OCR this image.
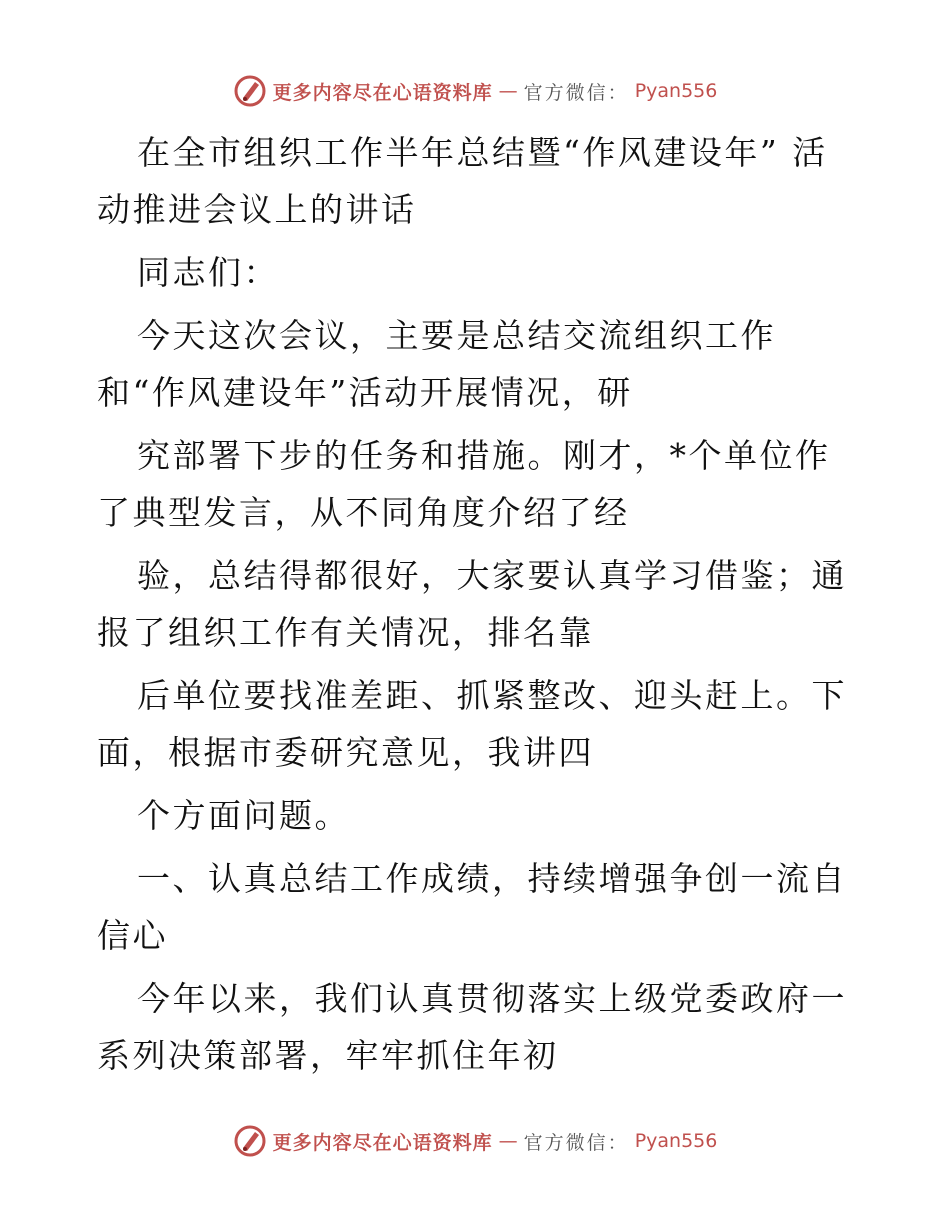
更多内容尽在心语资料库 — 官方微信： Pyan556

在全市组织工作半年总结暨“作风建设年” 活动推进会议上的讲话

同志们：

今天这次会议，主要是总结交流组织工作和“作风建设年”活动开展情况，研

究部署下步的任务和措施。刚才，*个单位作了典型发言，从不同角度介绍了经

验，总结得都很好，大家要认真学习借鉴；通报了组织工作有关情况，排名靠

后单位要找准差距、抓紧整改、迎头赶上。下面，根据市委研究意见，我讲四

个方面问题。

一、认真总结工作成绩，持续增强争创一流自信心

今年以来，我们认真贯彻落实上级党委政府一系列决策部署，牢牢抓住年初

更多内容尽在心语资料库 — 官方微信： Pyan556
